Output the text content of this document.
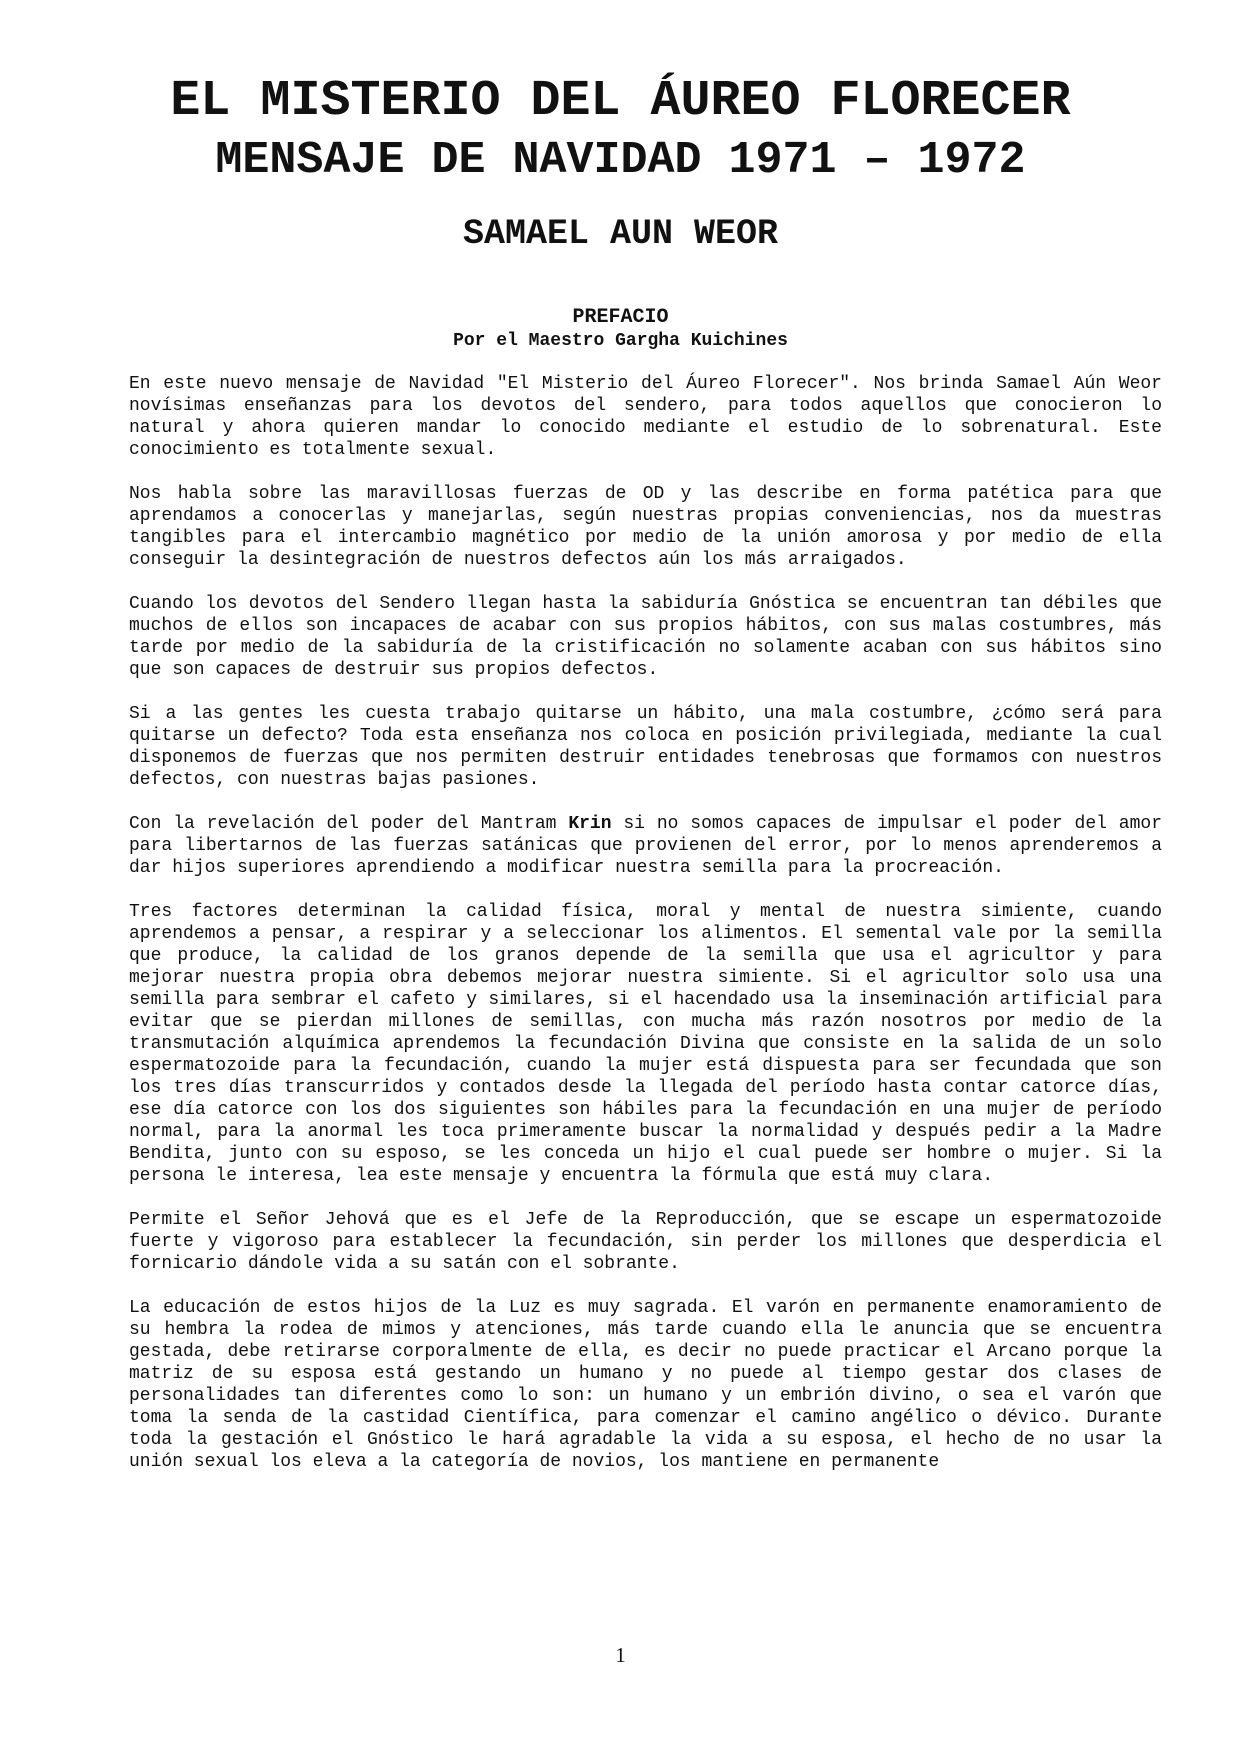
EL MISTERIO DEL ÁUREO FLORECER
MENSAJE DE NAVIDAD 1971 – 1972
SAMAEL AUN WEOR
PREFACIO
Por el Maestro Gargha Kuichines

En este nuevo mensaje de Navidad "El Misterio del Áureo Florecer". Nos brinda Samael Aún Weor novísimas enseñanzas para los devotos del sendero, para todos aquellos que conocieron lo natural y ahora quieren mandar lo conocido mediante el estudio de lo sobrenatural. Este conocimiento es totalmente sexual.

Nos habla sobre las maravillosas fuerzas de OD y las describe en forma patética para que aprendamos a conocerlas y manejarlas, según nuestras propias conveniencias, nos da muestras tangibles para el intercambio magnético por medio de la unión amorosa y por medio de ella conseguir la desintegración de nuestros defectos aún los más arraigados.

Cuando los devotos del Sendero llegan hasta la sabiduría Gnóstica se encuentran tan débiles que muchos de ellos son incapaces de acabar con sus propios hábitos, con sus malas costumbres, más tarde por medio de la sabiduría de la cristificación no solamente acaban con sus hábitos sino que son capaces de destruir sus propios defectos.

Si a las gentes les cuesta trabajo quitarse un hábito, una mala costumbre, ¿cómo será para quitarse un defecto? Toda esta enseñanza nos coloca en posición privilegiada, mediante la cual disponemos de fuerzas que nos permiten destruir entidades tenebrosas que formamos con nuestros defectos, con nuestras bajas pasiones.

Con la revelación del poder del Mantram Krin si no somos capaces de impulsar el poder del amor para libertarnos de las fuerzas satánicas que provienen del error, por lo menos aprenderemos a dar hijos superiores aprendiendo a modificar nuestra semilla para la procreación.

Tres factores determinan la calidad física, moral y mental de nuestra simiente, cuando aprendemos a pensar, a respirar y a seleccionar los alimentos. El semental vale por la semilla que produce, la calidad de los granos depende de la semilla que usa el agricultor y para mejorar nuestra propia obra debemos mejorar nuestra simiente. Si el agricultor solo usa una semilla para sembrar el cafeto y similares, si el hacendado usa la inseminación artificial para evitar que se pierdan millones de semillas, con mucha más razón nosotros por medio de la transmutación alquímica aprendemos la fecundación Divina que consiste en la salida de un solo espermatozoide para la fecundación, cuando la mujer está dispuesta para ser fecundada que son los tres días transcurridos y contados desde la llegada del período hasta contar catorce días, ese día catorce con los dos siguientes son hábiles para la fecundación en una mujer de período normal, para la anormal les toca primeramente buscar la normalidad y después pedir a la Madre Bendita, junto con su esposo, se les conceda un hijo el cual puede ser hombre o mujer. Si la persona le interesa, lea este mensaje y encuentra la fórmula que está muy clara.

Permite el Señor Jehová que es el Jefe de la Reproducción, que se escape un espermatozoide fuerte y vigoroso para establecer la fecundación, sin perder los millones que desperdicia el fornicario dándole vida a su satán con el sobrante.

La educación de estos hijos de la Luz es muy sagrada. El varón en permanente enamoramiento de su hembra la rodea de mimos y atenciones, más tarde cuando ella le anuncia que se encuentra gestada, debe retirarse corporalmente de ella, es decir no puede practicar el Arcano porque la matriz de su esposa está gestando un humano y no puede al tiempo gestar dos clases de personalidades tan diferentes como lo son: un humano y un embrión divino, o sea el varón que toma la senda de la castidad Científica, para comenzar el camino angélico o dévico. Durante toda la gestación el Gnóstico le hará agradable la vida a su esposa, el hecho de no usar la unión sexual los eleva a la categoría de novios, los mantiene en permanente

1
